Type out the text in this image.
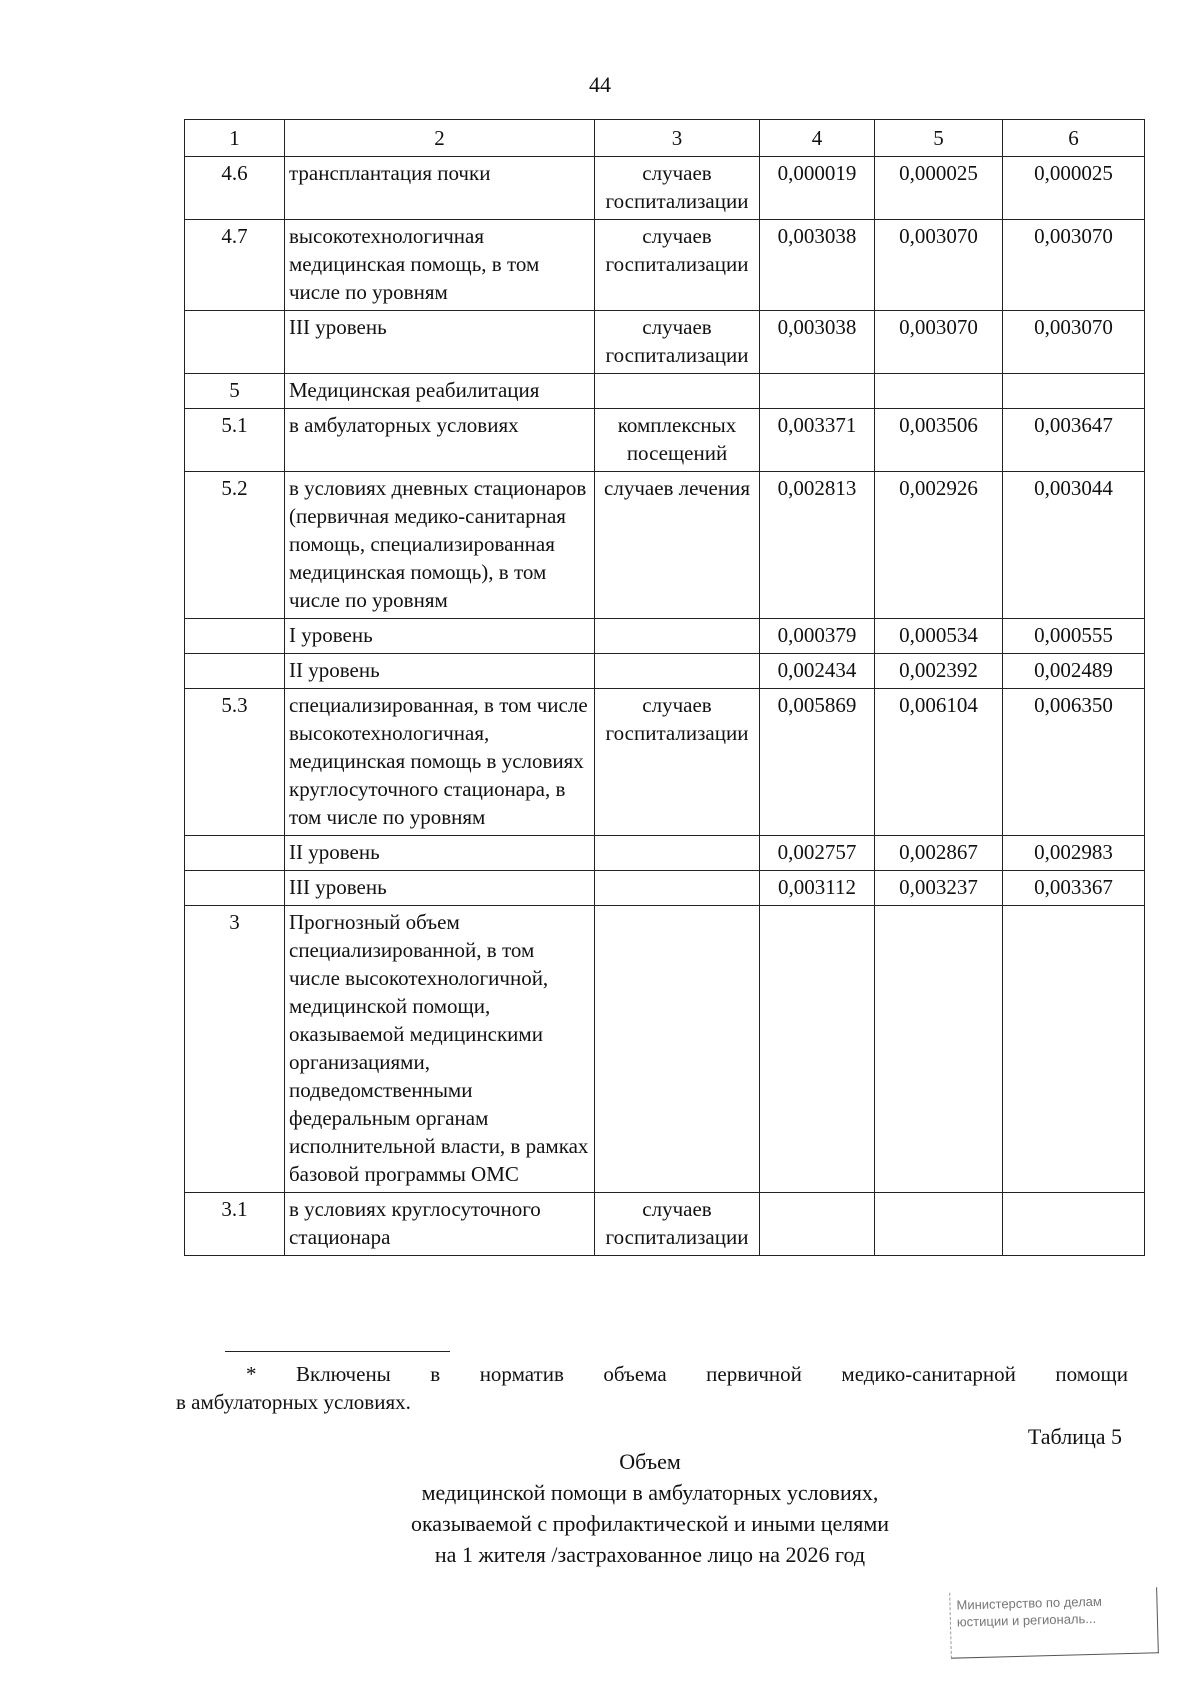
44
1	2	3	4	5	6
4.6	трансплантация почки	случаев госпитализации	0,000019	0,000025	0,000025
4.7	высокотехнологичная медицинская помощь, в том числе по уровням	случаев госпитализации	0,003038	0,003070	0,003070
	III уровень	случаев госпитализации	0,003038	0,003070	0,003070
5	Медицинская реабилитация				
5.1	в амбулаторных условиях	комплексных посещений	0,003371	0,003506	0,003647
5.2	в условиях дневных стационаров (первичная медико-санитарная помощь, специализированная медицинская помощь), в том числе по уровням	случаев лечения	0,002813	0,002926	0,003044
	I уровень		0,000379	0,000534	0,000555
	II уровень		0,002434	0,002392	0,002489
5.3	специализированная, в том числе высокотехнологичная, медицинская помощь в условиях круглосуточного стационара, в том числе по уровням	случаев госпитализации	0,005869	0,006104	0,006350
	II уровень		0,002757	0,002867	0,002983
	III уровень		0,003112	0,003237	0,003367
3	Прогнозный объем специализированной, в том числе высокотехнологичной, медицинской помощи, оказываемой медицинскими организациями, подведомственными федеральным органам исполнительной власти, в рамках базовой программы ОМС				
3.1	в условиях круглосуточного стационара	случаев госпитализации			
* Включены в норматив объема первичной медико-санитарной помощи
в амбулаторных условиях.
Таблица 5
Объем
медицинской помощи в амбулаторных условиях,
оказываемой с профилактической и иными целями
на 1 жителя /застрахованное лицо на 2026 год
Министерство по делам
юстиции и региональ...
